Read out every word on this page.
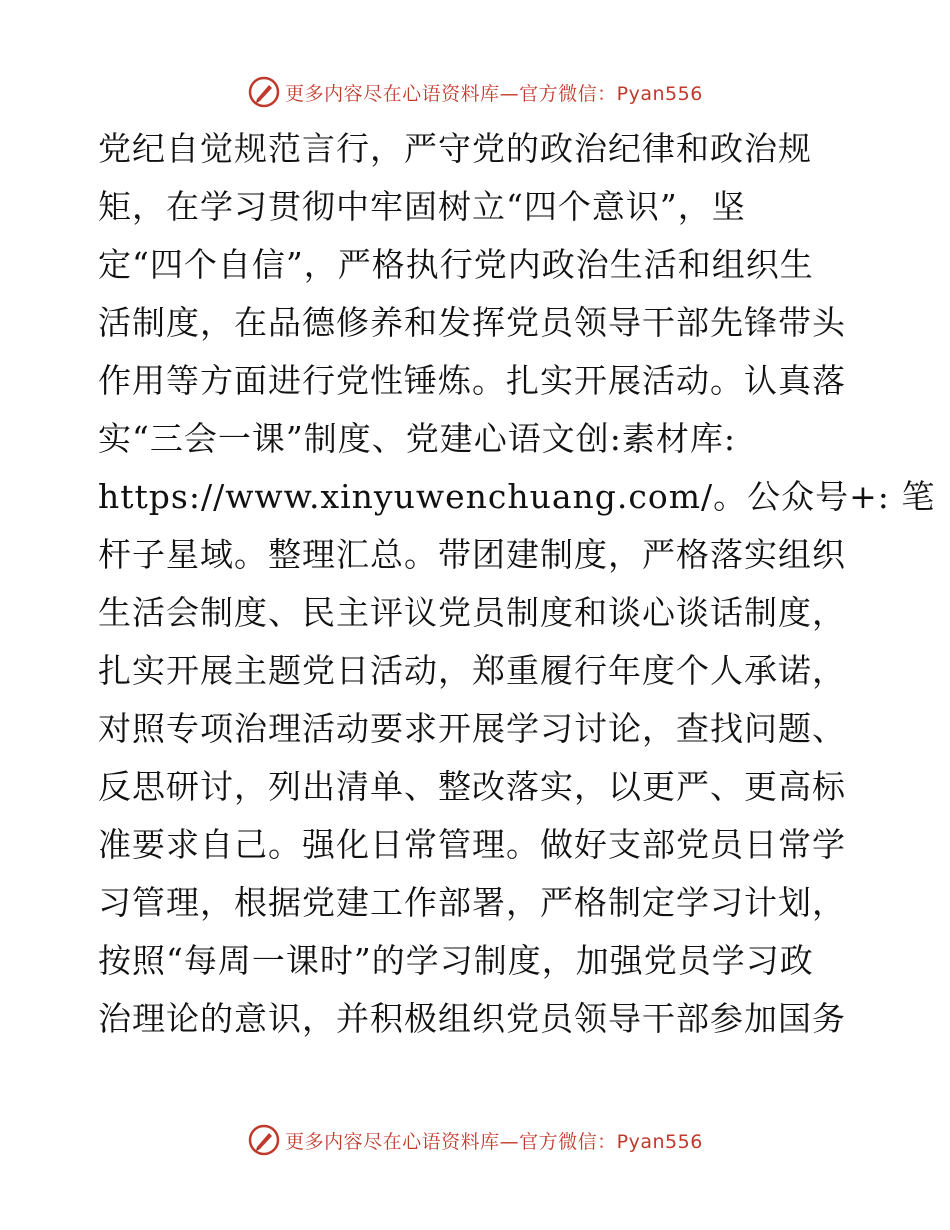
更多内容尽在心语资料库—官方微信：Pyan556
党纪自觉规范言行，严守党的政治纪律和政治规
矩，在学习贯彻中牢固树立“四个意识”，坚
定“四个自信”，严格执行党内政治生活和组织生
活制度，在品德修养和发挥党员领导干部先锋带头
作用等方面进行党性锤炼。扎实开展活动。认真落
实“三会一课”制度、党建心语文创:素材库:
https://www.xinyuwenchuang.com/。公众号+: 笔
杆子星域。整理汇总。带团建制度，严格落实组织
生活会制度、民主评议党员制度和谈心谈话制度，
扎实开展主题党日活动，郑重履行年度个人承诺，
对照专项治理活动要求开展学习讨论，查找问题、
反思研讨，列出清单、整改落实，以更严、更高标
准要求自己。强化日常管理。做好支部党员日常学
习管理，根据党建工作部署，严格制定学习计划，
按照“每周一课时”的学习制度，加强党员学习政
治理论的意识，并积极组织党员领导干部参加国务
更多内容尽在心语资料库—官方微信：Pyan556
